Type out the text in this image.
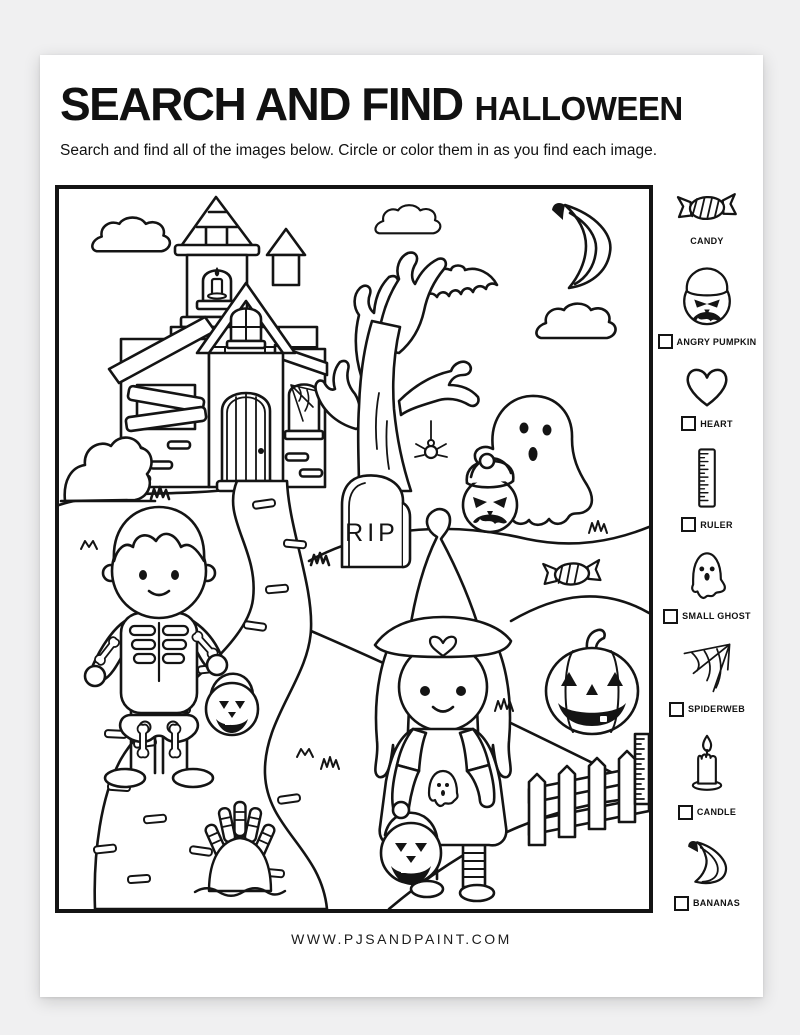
SEARCH AND FIND HALLOWEEN
Search and find all of the images below. Circle or color them in as you find each image.
RIP
CANDY
ANGRY PUMPKIN
HEART
RULER
SMALL GHOST
SPIDERWEB
CANDLE
BANANAS
WWW.PJSANDPAINT.COM
